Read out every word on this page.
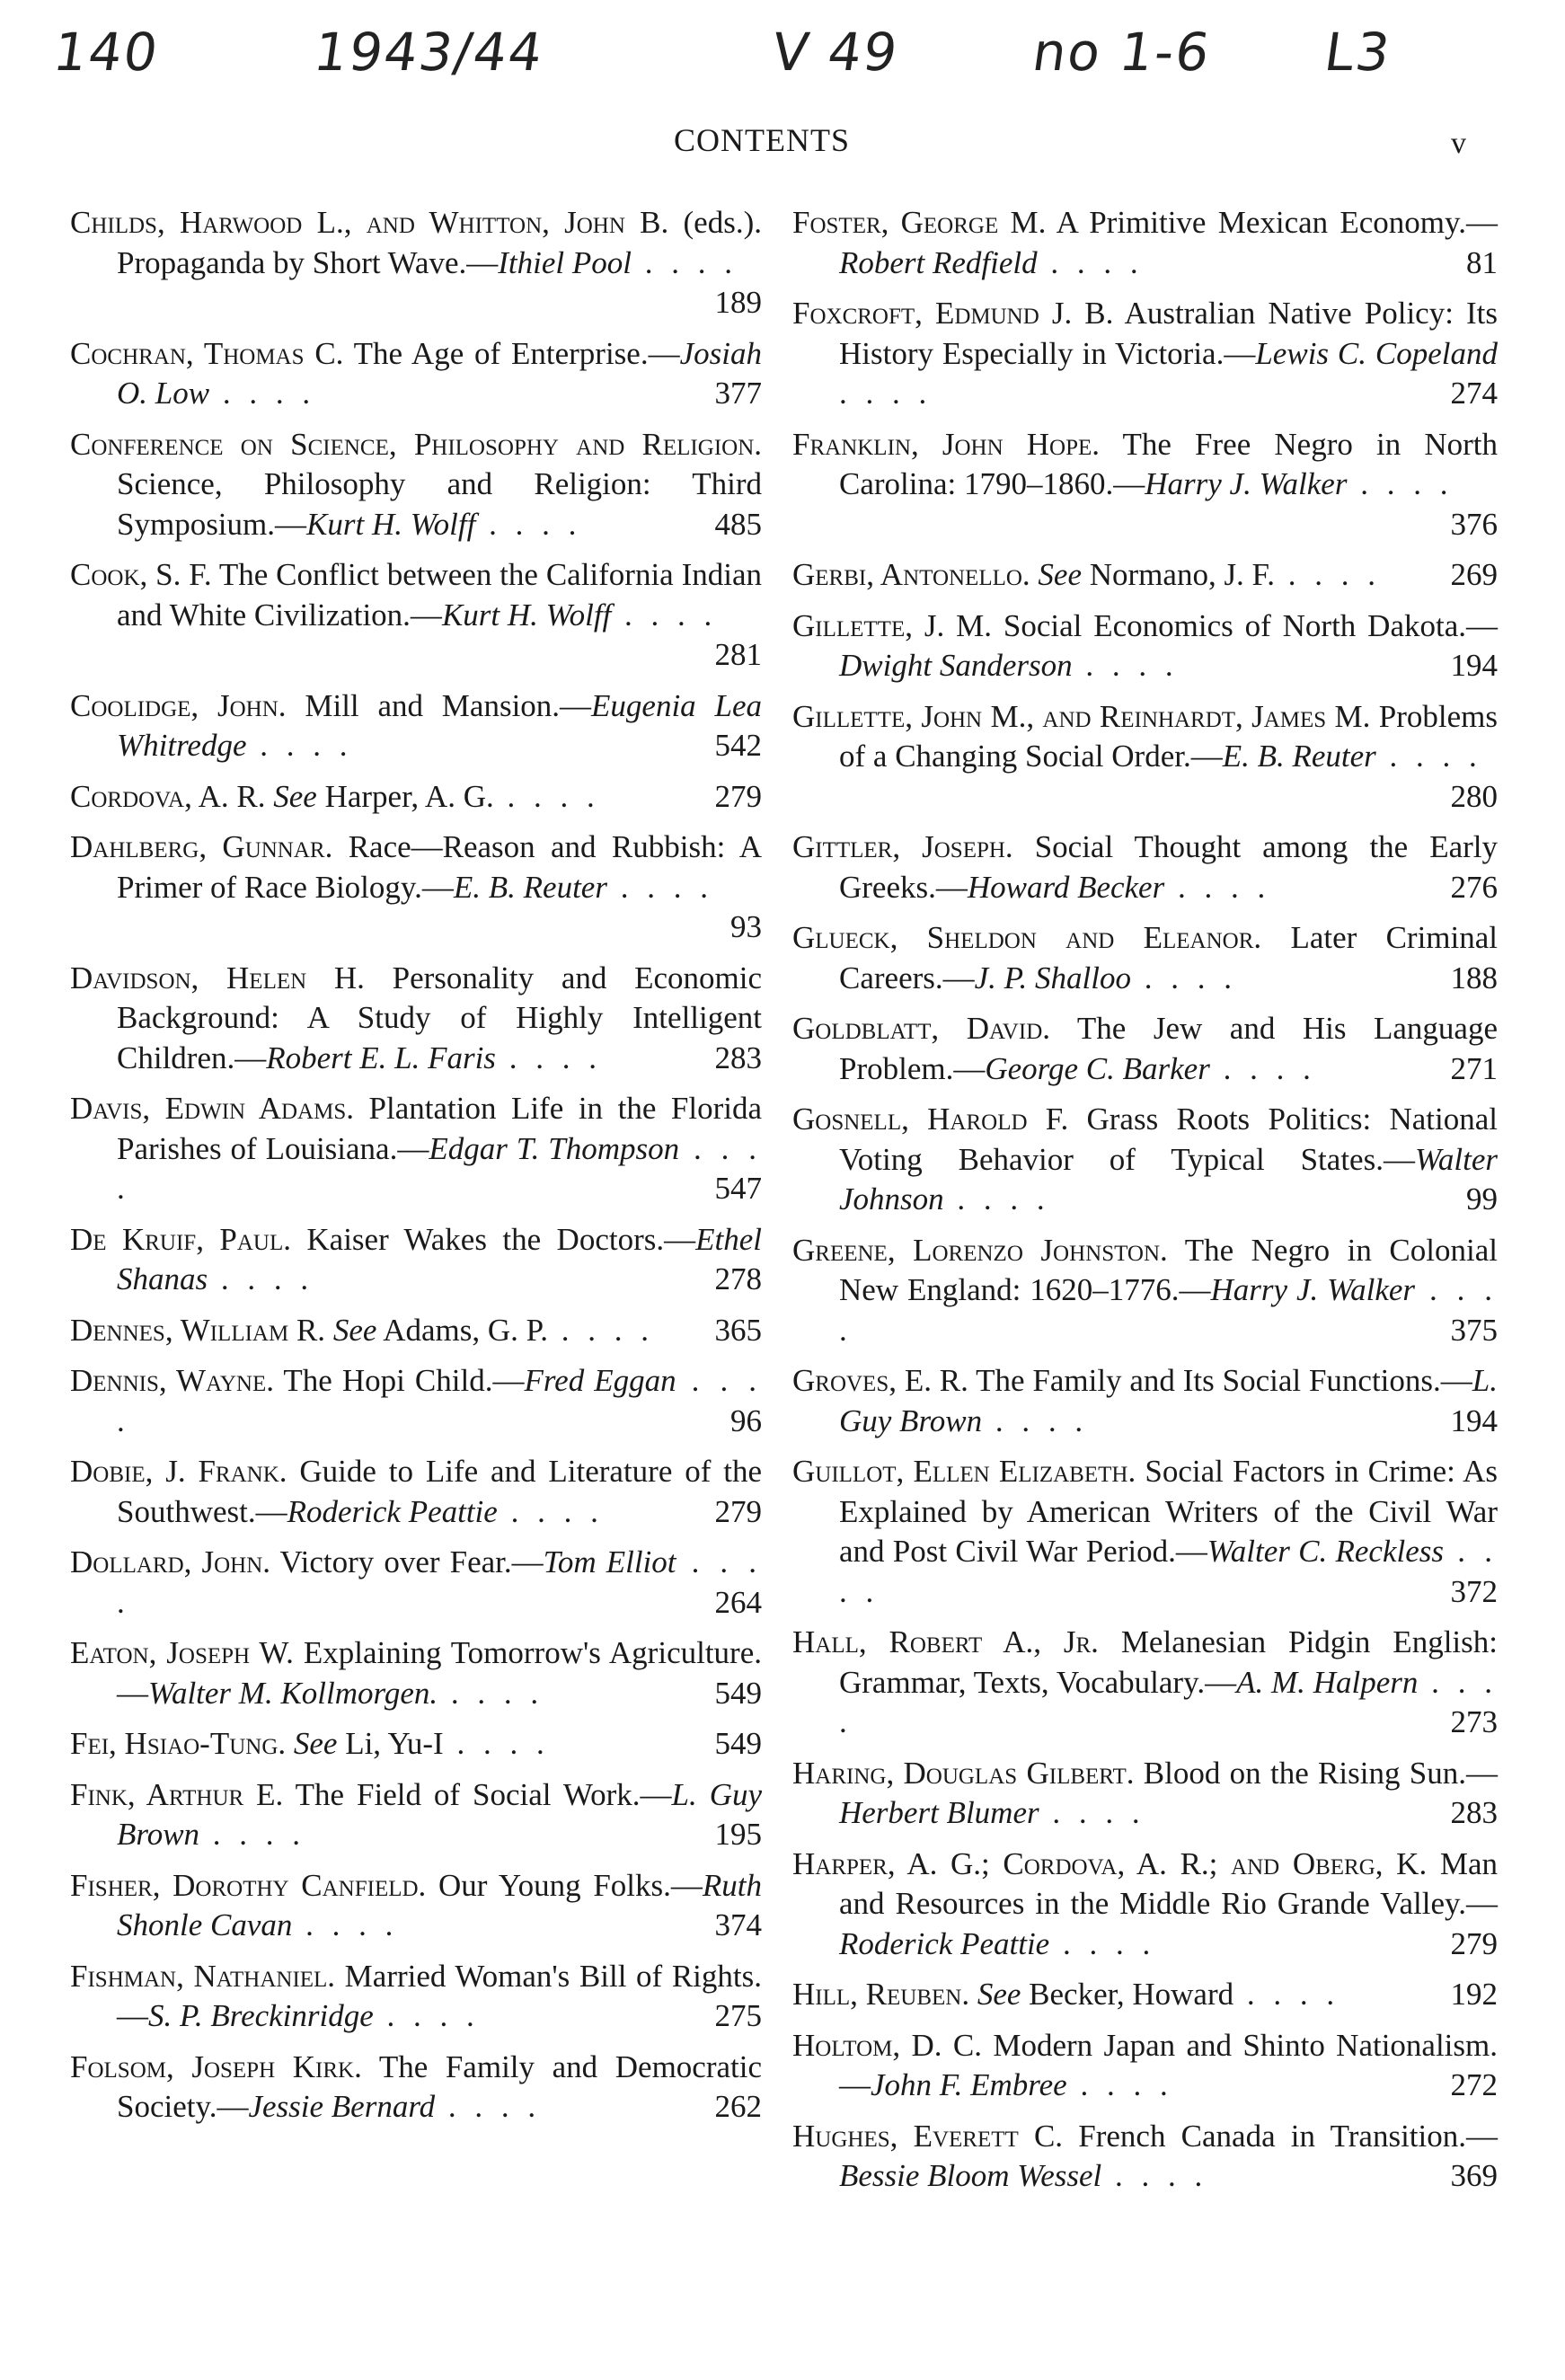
140	1943/44	V 49 no 1-6 L3
CONTENTS	v
Childs, Harwood L., and Whitton, John B. (eds.). Propaganda by Short Wave.—Ithiel Pool . . . .
189
Cochran, Thomas C. The Age of Enterprise.—Josiah O. Low . . . .	377
Conference on Science, Philosophy and Religion. Science, Philosophy and Religion: Third Symposium.—Kurt H. Wolff . . . .	485
Cook, S. F. The Conflict between the California Indian and White Civilization.—Kurt H. Wolff . . . .
281
Coolidge, John. Mill and Mansion.—Eugenia Lea Whitredge . . . .	542
Cordova, A. R. See Harper, A. G. . . . .	279
Dahlberg, Gunnar. Race—Reason and Rubbish: A Primer of Race Biology.—E. B. Reuter . . . .
93
Davidson, Helen H. Personality and Economic Background: A Study of Highly Intelligent Children.—Robert E. L. Faris . . . .	283
Davis, Edwin Adams. Plantation Life in the Florida Parishes of Louisiana.—Edgar T. Thompson . . . .	547
De Kruif, Paul. Kaiser Wakes the Doctors.—Ethel Shanas . . . .	278
Dennes, William R. See Adams, G. P. . . . . 365
Dennis, Wayne. The Hopi Child.—Fred Eggan . . . .	96
Dobie, J. Frank. Guide to Life and Literature of the Southwest.—Roderick Peattie . . . .	279
Dollard, John. Victory over Fear.—Tom Elliot . . . .	264
Eaton, Joseph W. Explaining Tomorrow's Agriculture.—Walter M. Kollmorgen. . . . .	549
Fei, Hsiao-Tung. See Li, Yu-I . . . .	549
Fink, Arthur E. The Field of Social Work.—L. Guy Brown . . . .	195
Fisher, Dorothy Canfield. Our Young Folks.—Ruth Shonle Cavan . . . .	374
Fishman, Nathaniel. Married Woman's Bill of Rights.—S. P. Breckinridge . . . .	275
Folsom, Joseph Kirk. The Family and Democratic Society.—Jessie Bernard . . . .	262
Foster, George M. A Primitive Mexican Economy.—Robert Redfield . . . .	81
Foxcroft, Edmund J. B. Australian Native Policy: Its History Especially in Victoria.—Lewis C. Copeland . . . .	274
Franklin, John Hope. The Free Negro in North Carolina: 1790–1860.—Harry J. Walker . . . .
376
Gerbi, Antonello. See Normano, J. F. . . . . 269
Gillette, J. M. Social Economics of North Dakota.—Dwight Sanderson . . . .	194
Gillette, John M., and Reinhardt, James M. Problems of a Changing Social Order.—E. B. Reuter . . . .
280
Gittler, Joseph. Social Thought among the Early Greeks.—Howard Becker . . . .	276
Glueck, Sheldon and Eleanor. Later Criminal Careers.—J. P. Shalloo . . . .	188
Goldblatt, David. The Jew and His Language Problem.—George C. Barker . . . .	271
Gosnell, Harold F. Grass Roots Politics: National Voting Behavior of Typical States.—Walter Johnson . . . .	99
Greene, Lorenzo Johnston. The Negro in Colonial New England: 1620–1776.—Harry J. Walker . . . .	375
Groves, E. R. The Family and Its Social Functions.—L. Guy Brown . . . .	194
Guillot, Ellen Elizabeth. Social Factors in Crime: As Explained by American Writers of the Civil War and Post Civil War Period.—Walter C. Reckless . . . .	372
Hall, Robert A., Jr. Melanesian Pidgin English: Grammar, Texts, Vocabulary.—A. M. Halpern . . . .	273
Haring, Douglas Gilbert. Blood on the Rising Sun.—Herbert Blumer . . . .	283
Harper, A. G.; Cordova, A. R.; and Oberg, K. Man and Resources in the Middle Rio Grande Valley.—Roderick Peattie . . . .	279
Hill, Reuben. See Becker, Howard . . . .	192
Holtom, D. C. Modern Japan and Shinto Nationalism.—John F. Embree . . . .	272
Hughes, Everett C. French Canada in Transition.—Bessie Bloom Wessel . . . .	369
